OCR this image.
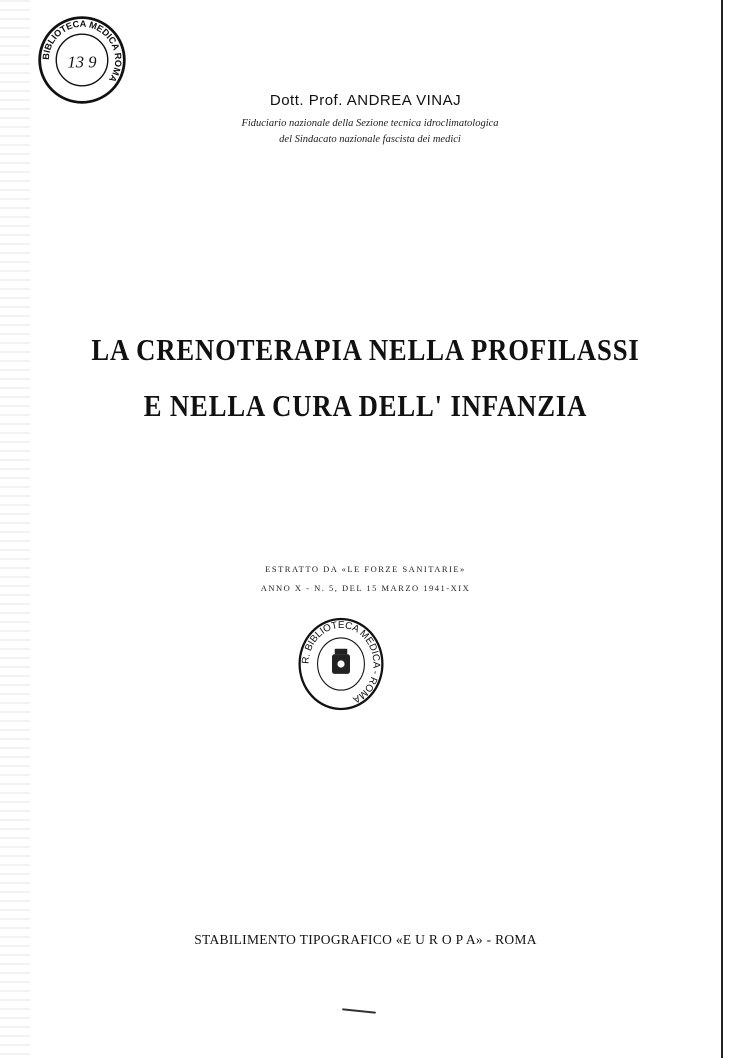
BIBLIOTECA MEDICA ROMA
13 9
Dott. Prof. ANDREA VINAJ
Fiduciario nazionale della Sezione tecnica idroclimatologica
del Sindacato nazionale fascista dei medici
LA CRENOTERAPIA NELLA PROFILASSI
E NELLA CURA DELL' INFANZIA
ESTRATTO DA «LE FORZE SANITARIE»
ANNO X - N. 5, DEL 15 MARZO 1941-XIX
R. BIBLIOTECA MEDICA - ROMA
STABILIMENTO TIPOGRAFICO «E U R O P A» - ROMA
